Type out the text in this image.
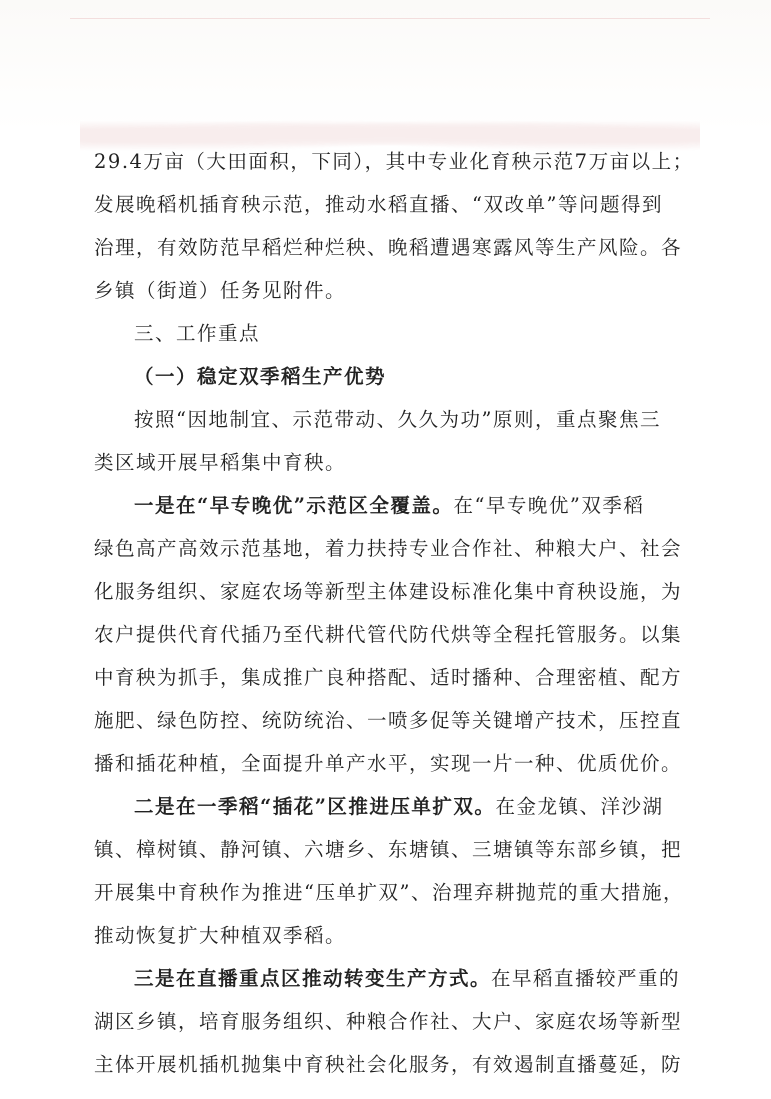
29.4万亩（大田面积，下同），其中专业化育秧示范7万亩以上；
发展晚稻机插育秧示范，推动水稻直播、“双改单”等问题得到
治理，有效防范早稻烂种烂秧、晚稻遭遇寒露风等生产风险。各
乡镇（街道）任务见附件。
三、工作重点
（一）稳定双季稻生产优势
按照“因地制宜、示范带动、久久为功”原则，重点聚焦三
类区域开展早稻集中育秧。
一是在“早专晚优”示范区全覆盖。在“早专晚优”双季稻
绿色高产高效示范基地，着力扶持专业合作社、种粮大户、社会
化服务组织、家庭农场等新型主体建设标准化集中育秧设施，为
农户提供代育代插乃至代耕代管代防代烘等全程托管服务。以集
中育秧为抓手，集成推广良种搭配、适时播种、合理密植、配方
施肥、绿色防控、统防统治、一喷多促等关键增产技术，压控直
播和插花种植，全面提升单产水平，实现一片一种、优质优价。
二是在一季稻“插花”区推进压单扩双。在金龙镇、洋沙湖
镇、樟树镇、静河镇、六塘乡、东塘镇、三塘镇等东部乡镇，把
开展集中育秧作为推进“压单扩双”、治理弃耕抛荒的重大措施，
推动恢复扩大种植双季稻。
三是在直播重点区推动转变生产方式。在早稻直播较严重的
湖区乡镇，培育服务组织、种粮合作社、大户、家庭农场等新型
主体开展机插机抛集中育秧社会化服务，有效遏制直播蔓延，防
